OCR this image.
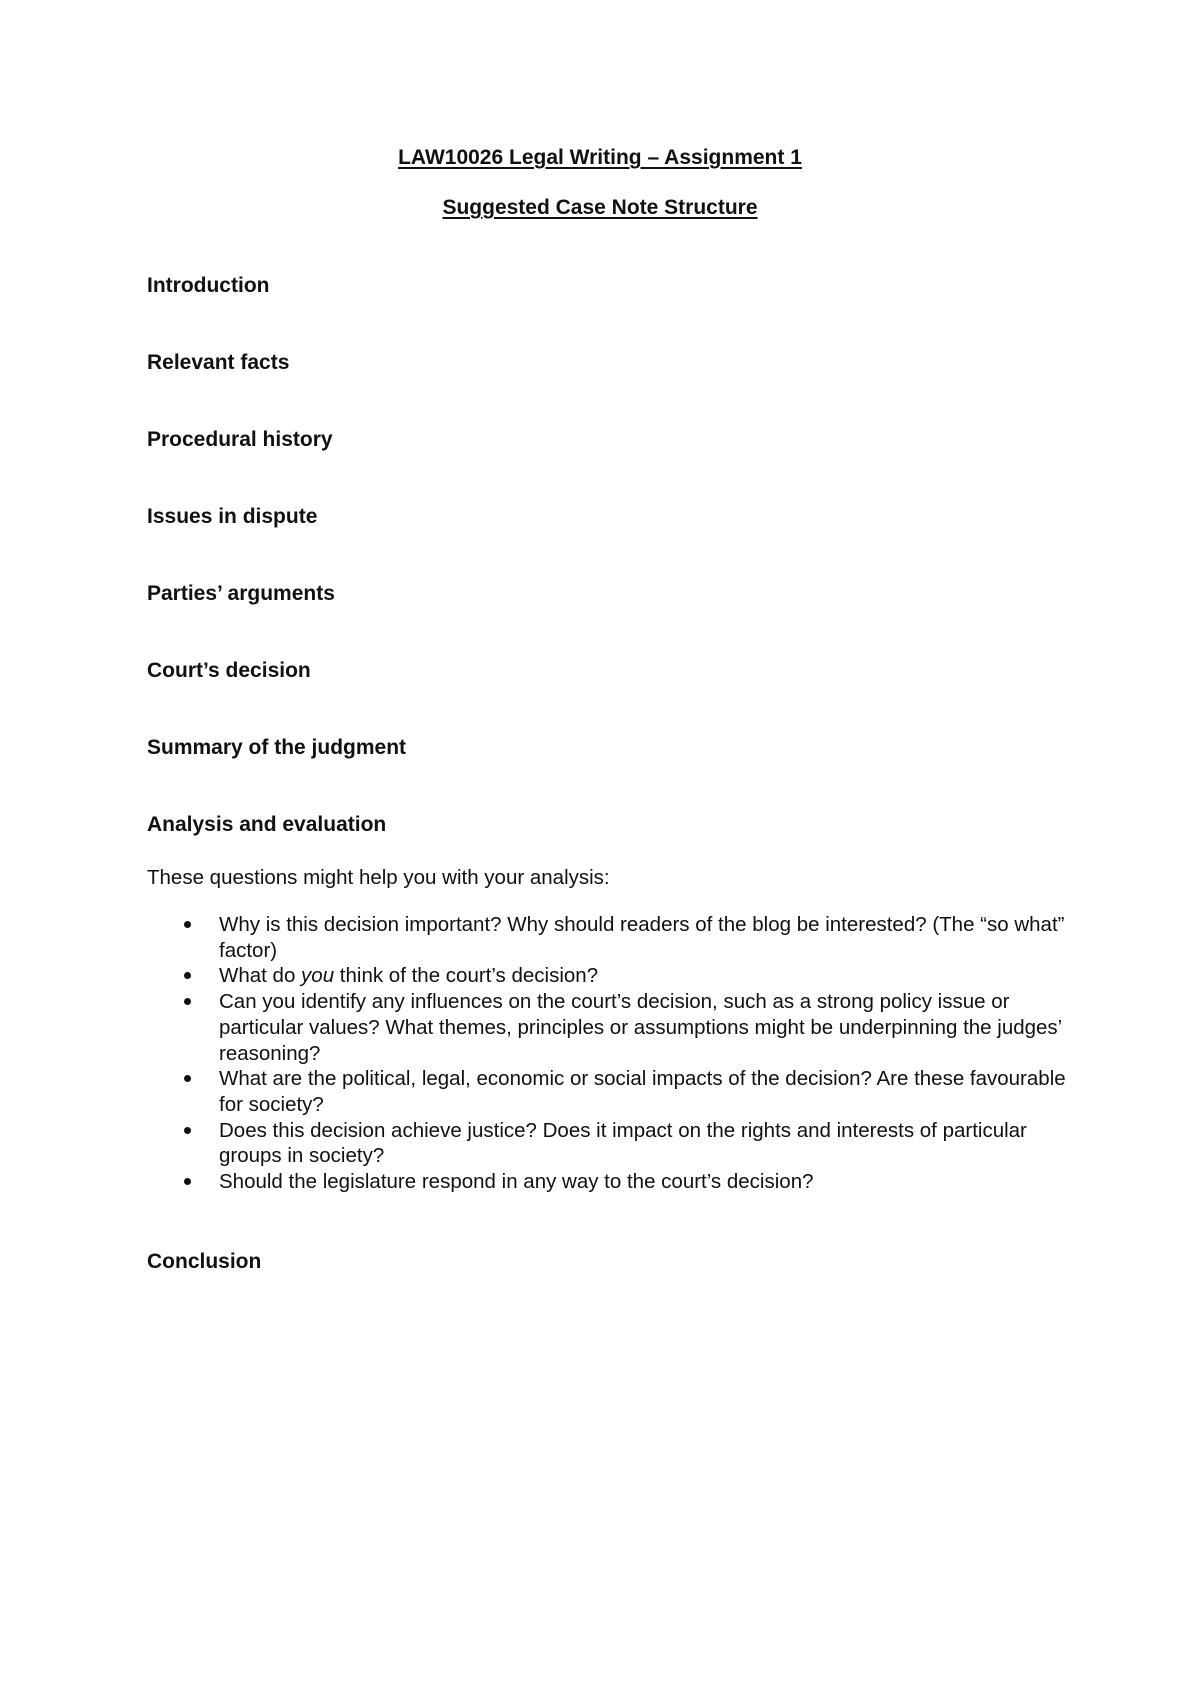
LAW10026 Legal Writing – Assignment 1
Suggested Case Note Structure
Introduction
Relevant facts
Procedural history
Issues in dispute
Parties’ arguments
Court’s decision
Summary of the judgment
Analysis and evaluation
These questions might help you with your analysis:
Why is this decision important? Why should readers of the blog be interested? (The “so what” factor)
What do you think of the court’s decision?
Can you identify any influences on the court’s decision, such as a strong policy issue or particular values? What themes, principles or assumptions might be underpinning the judges’ reasoning?
What are the political, legal, economic or social impacts of the decision? Are these favourable for society?
Does this decision achieve justice? Does it impact on the rights and interests of particular groups in society?
Should the legislature respond in any way to the court’s decision?
Conclusion
